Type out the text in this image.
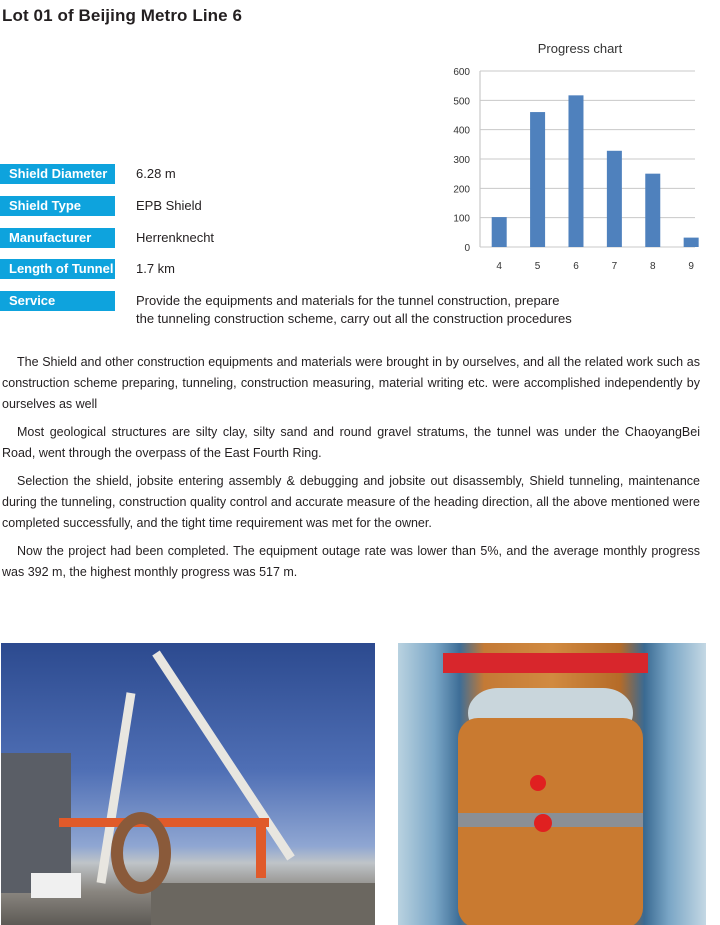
Lot 01 of Beijing Metro Line 6
Shield Diameter	6.28 m
Shield Type	EPB Shield
Manufacturer	Herrenknecht
Length of Tunnel 1.7 km
Service	Provide the equipments and materials for the tunnel construction, prepare the tunneling construction scheme, carry out all the construction procedures
Progress chart
0
100
200
300
400
500
600
4	5	6	7	8	9

The Shield and other construction equipments and materials were brought in by ourselves, and all the related work such as construction scheme preparing, tunneling, construction measuring, material writing etc. were accomplished independently by ourselves as well

Most geological structures are silty clay, silty sand and round gravel stratums, the tunnel was under the ChaoyangBei Road, went through the overpass of the East Fourth Ring.

Selection the shield, jobsite entering assembly & debugging and jobsite out disassembly, Shield tunneling, maintenance during the tunneling, construction quality control and accurate measure of the heading direction, all the above mentioned were completed successfully, and the tight time requirement was met for the owner.

Now the project had been completed. The equipment outage rate was lower than 5%, and the average monthly progress was 392 m, the highest monthly progress was 517 m.
